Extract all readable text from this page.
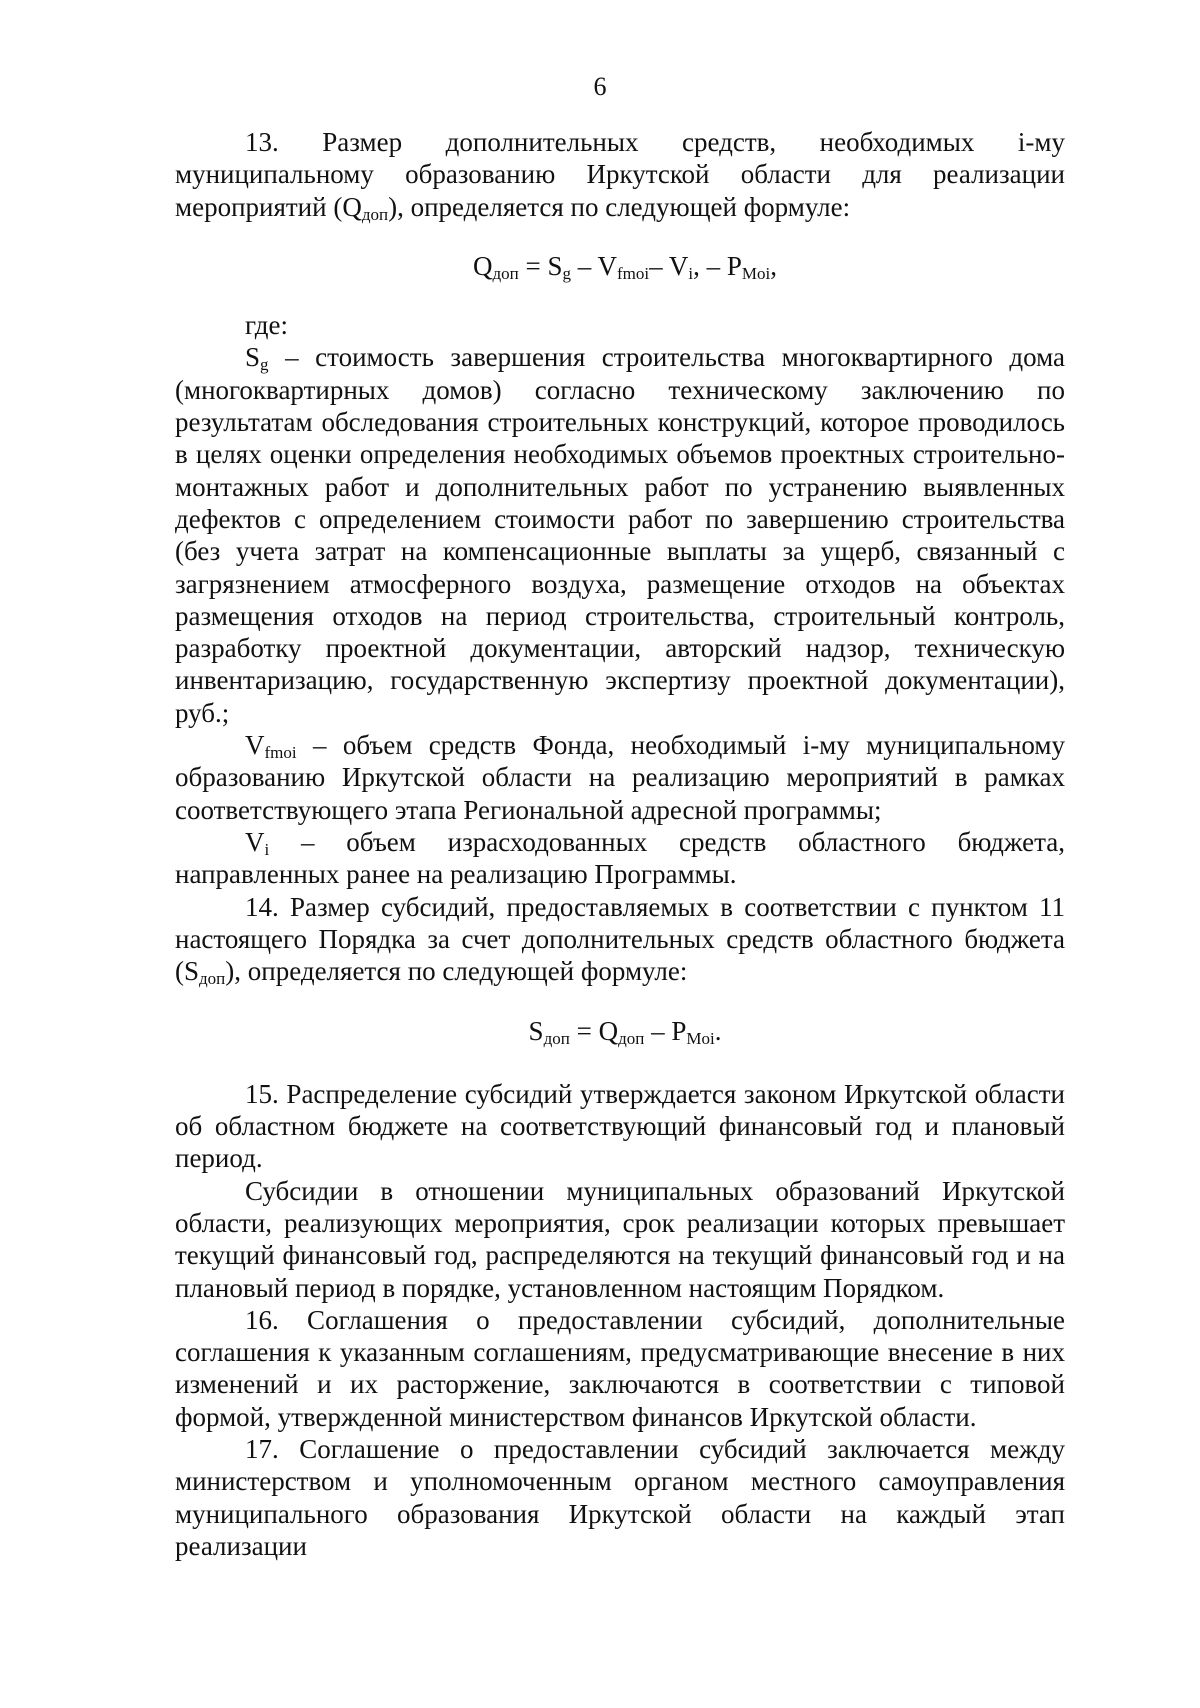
6

13. Размер дополнительных средств, необходимых i-му муниципальному образованию Иркутской области для реализации мероприятий $(Q_{доп})$, определяется по следующей формуле:

$Q_{доп} = S_g - V_{fmoi}-$ $V_i$, – $P_{Moi}$,

где:

$S_g$ – стоимость завершения строительства многоквартирного дома (многоквартирных домов) согласно техническому заключению по результатам обследования строительных конструкций, которое проводилось в целях оценки определения необходимых объемов проектных строительно-монтажных работ и дополнительных работ по устранению выявленных дефектов с определением стоимости работ по завершению строительства (без учета затрат на компенсационные выплаты за ущерб, связанный с загрязнением атмосферного воздуха, размещение отходов на объектах размещения отходов на период строительства, строительный контроль, разработку проектной документации, авторский надзор, техническую инвентаризацию, государственную экспертизу проектной документации), руб.;

$V_{fmoi}$ – объем средств Фонда, необходимый i-му муниципальному образованию Иркутской области на реализацию мероприятий в рамках соответствующего этапа Региональной адресной программы;

$V_i$ – объем израсходованных средств областного бюджета, направленных ранее на реализацию Программы.

14. Размер субсидий, предоставляемых в соответствии с пунктом 11 настоящего Порядка за счет дополнительных средств областного бюджета $(S_{доп})$, определяется по следующей формуле:

$S_{доп} = Q_{доп} - P_{Moi}$.

15. Распределение субсидий утверждается законом Иркутской области об областном бюджете на соответствующий финансовый год и плановый период.

Субсидии в отношении муниципальных образований Иркутской области, реализующих мероприятия, срок реализации которых превышает текущий финансовый год, распределяются на текущий финансовый год и на плановый период в порядке, установленном настоящим Порядком.

16. Соглашения о предоставлении субсидий, дополнительные соглашения к указанным соглашениям, предусматривающие внесение в них изменений и их расторжение, заключаются в соответствии с типовой формой, утвержденной министерством финансов Иркутской области.

17. Соглашение о предоставлении субсидий заключается между министерством и уполномоченным органом местного самоуправления муниципального образования Иркутской области на каждый этап реализации
